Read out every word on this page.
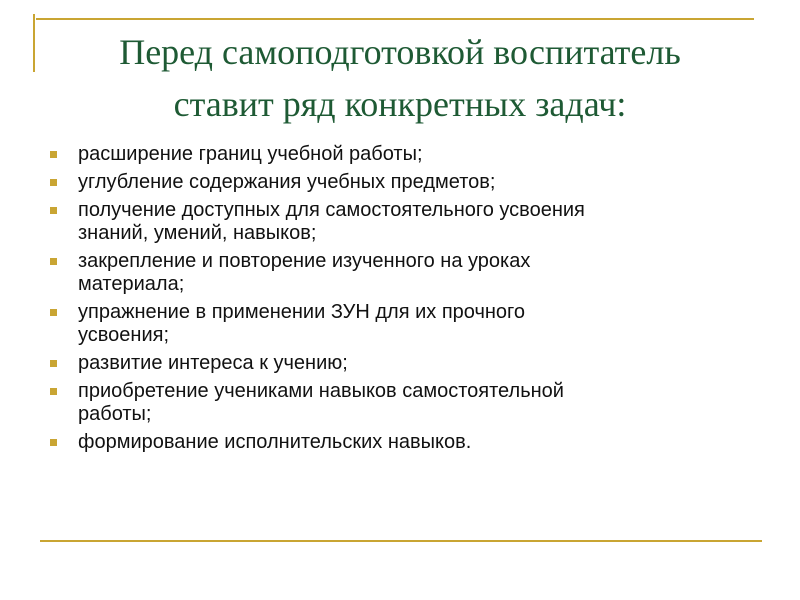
Перед самоподготовкой воспитатель
ставит ряд конкретных задач:
расширение границ учебной работы;
углубление содержания учебных предметов;
получение доступных для самостоятельного усвоения
знаний, умений, навыков;
закрепление и повторение изученного на уроках
материала;
упражнение в применении ЗУН для их прочного
усвоения;
развитие интереса к учению;
приобретение учениками навыков самостоятельной
работы;
формирование исполнительских навыков.
